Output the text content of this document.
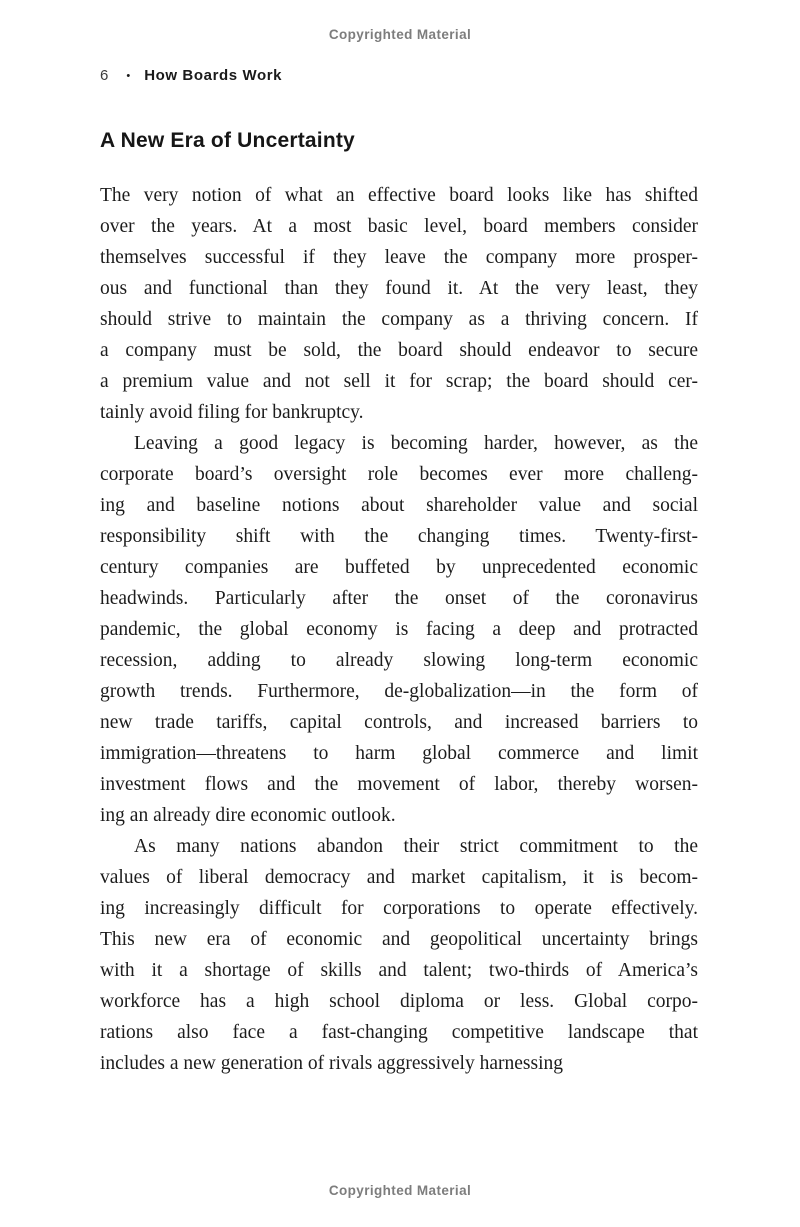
Copyrighted Material
6 • How Boards Work
A New Era of Uncertainty
The very notion of what an effective board looks like has shifted
over the years. At a most basic level, board members consider
themselves successful if they leave the company more prosper-
ous and functional than they found it. At the very least, they
should strive to maintain the company as a thriving concern. If
a company must be sold, the board should endeavor to secure
a premium value and not sell it for scrap; the board should cer-
tainly avoid filing for bankruptcy.
Leaving a good legacy is becoming harder, however, as the
corporate board’s oversight role becomes ever more challeng-
ing and baseline notions about shareholder value and social
responsibility shift with the changing times. Twenty-first-
century companies are buffeted by unprecedented economic
headwinds. Particularly after the onset of the coronavirus
pandemic, the global economy is facing a deep and protracted
recession, adding to already slowing long-term economic
growth trends. Furthermore, de-globalization—in the form of
new trade tariffs, capital controls, and increased barriers to
immigration—threatens to harm global commerce and limit
investment flows and the movement of labor, thereby worsen-
ing an already dire economic outlook.
As many nations abandon their strict commitment to the
values of liberal democracy and market capitalism, it is becom-
ing increasingly difficult for corporations to operate effectively.
This new era of economic and geopolitical uncertainty brings
with it a shortage of skills and talent; two-thirds of America’s
workforce has a high school diploma or less. Global corpo-
rations also face a fast-changing competitive landscape that
includes a new generation of rivals aggressively harnessing
Copyrighted Material
